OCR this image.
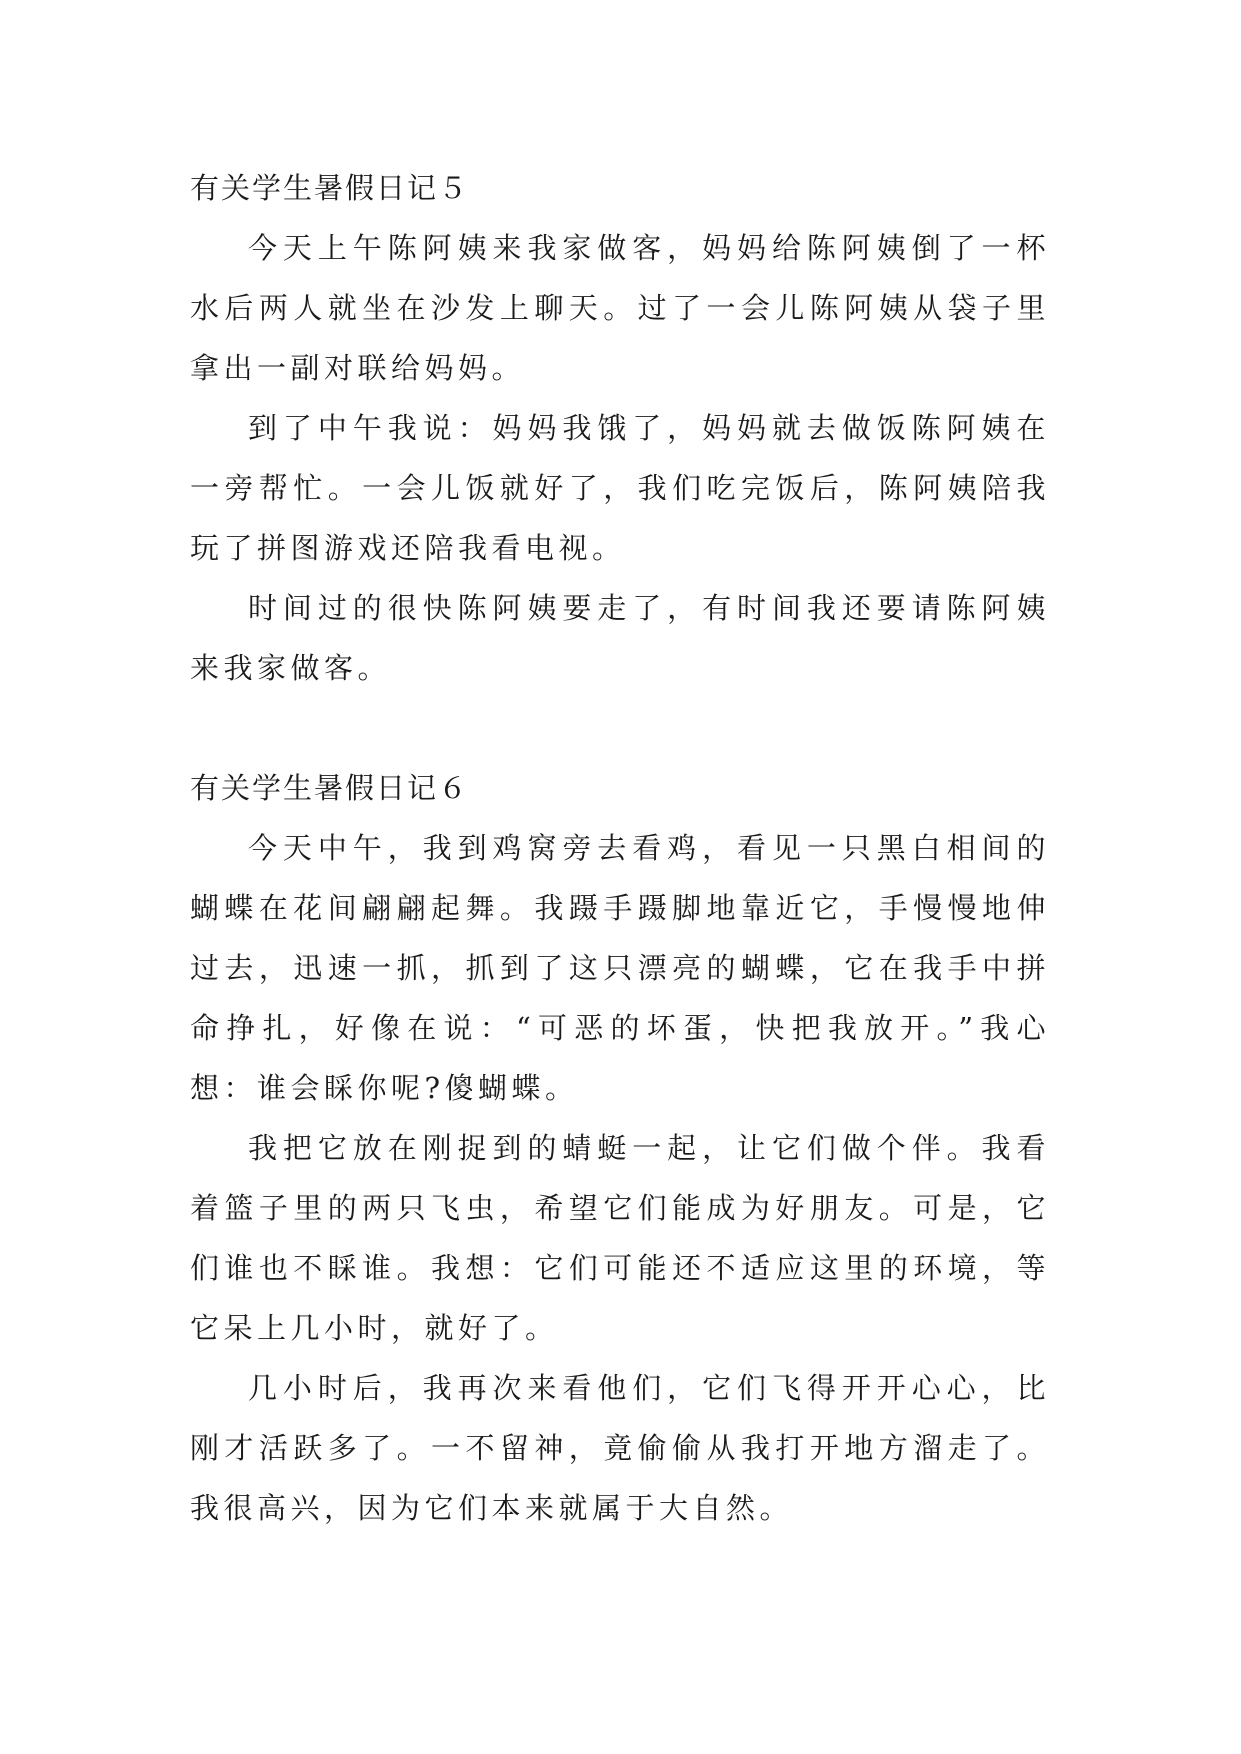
有关学生暑假日记５

今天上午陈阿姨来我家做客，妈妈给陈阿姨倒了一杯水后两人就坐在沙发上聊天。过了一会儿陈阿姨从袋子里拿出一副对联给妈妈。

到了中午我说：妈妈我饿了，妈妈就去做饭陈阿姨在一旁帮忙。一会儿饭就好了，我们吃完饭后，陈阿姨陪我玩了拼图游戏还陪我看电视。

时间过的很快陈阿姨要走了，有时间我还要请陈阿姨来我家做客。

有关学生暑假日记６

今天中午，我到鸡窝旁去看鸡，看见一只黑白相间的蝴蝶在花间翩翩起舞。我蹑手蹑脚地靠近它，手慢慢地伸过去，迅速一抓，抓到了这只漂亮的蝴蝶，它在我手中拼命挣扎，好像在说：“可恶的坏蛋，快把我放开。”我心想：谁会睬你呢?傻蝴蝶。

我把它放在刚捉到的蜻蜓一起，让它们做个伴。我看着篮子里的两只飞虫，希望它们能成为好朋友。可是，它们谁也不睬谁。我想：它们可能还不适应这里的环境，等它呆上几小时，就好了。

几小时后，我再次来看他们，它们飞得开开心心，比刚才活跃多了。一不留神，竟偷偷从我打开地方溜走了。我很高兴，因为它们本来就属于大自然。
